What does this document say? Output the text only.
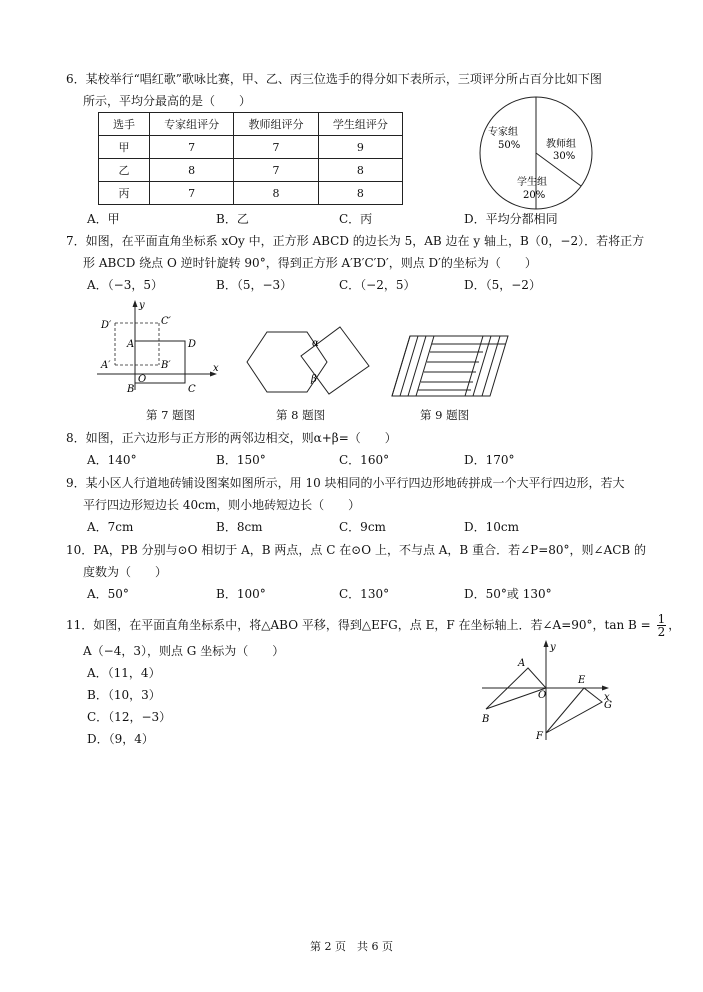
6．某校举行“唱红歌”歌咏比赛，甲、乙、丙三位选手的得分如下表所示，三项评分所占百分比如下图
所示，平均分最高的是（　　）
选手	专家组评分	教师组评分	学生组评分
甲	7	7	9
乙	8	7	8
丙	7	8	8
专家组
50%	教师组
30%
学生组
20%
A．甲	B．乙	C．丙	D．平均分都相同
7．如图，在平面直角坐标系 xOy 中，正方形 ABCD 的边长为 5，AB 边在 y 轴上，B（0，−2）．若将正方
形 ABCD 绕点 O 逆时针旋转 90°，得到正方形 A′B′C′D′，则点 D′的坐标为（　　）
A．（−3，5）	B．（5，−3）	C．（−2，5）	D．（5，−2）
y
x
O
A
B	C
D
A′	B′
C′
D′
第 7 题图
α
β
第 8 题图	第 9 题图
8．如图，正六边形与正方形的两邻边相交，则α+β=（　　）
A．140°	B．150°	C．160°	D．170°
9．某小区人行道地砖铺设图案如图所示，用 10 块相同的小平行四边形地砖拼成一个大平行四边形，若大
平行四边形短边长 40cm，则小地砖短边长（　　）
A．7cm	B．8cm	C．9cm	D．10cm
10．PA，PB 分别与⊙O 相切于 A，B 两点，点 C 在⊙O 上，不与点 A，B 重合．若∠P=80°，则∠ACB 的
度数为（　　）
A．50°	B．100°	C．130°	D．50°或 130°
11．如图，在平面直角坐标系中，将△ABO 平移，得到△EFG，点 E，F 在坐标轴上．若∠A=90°，$\tan B = \frac{1}{2}$ ，
A（−4，3），则点 G 坐标为（　　）
A．（11，4）
B．（10，3）
C．（12，−3）
D．（9，4）
A
B
O
E
F
G
x
y
第 2 页　共 6 页
